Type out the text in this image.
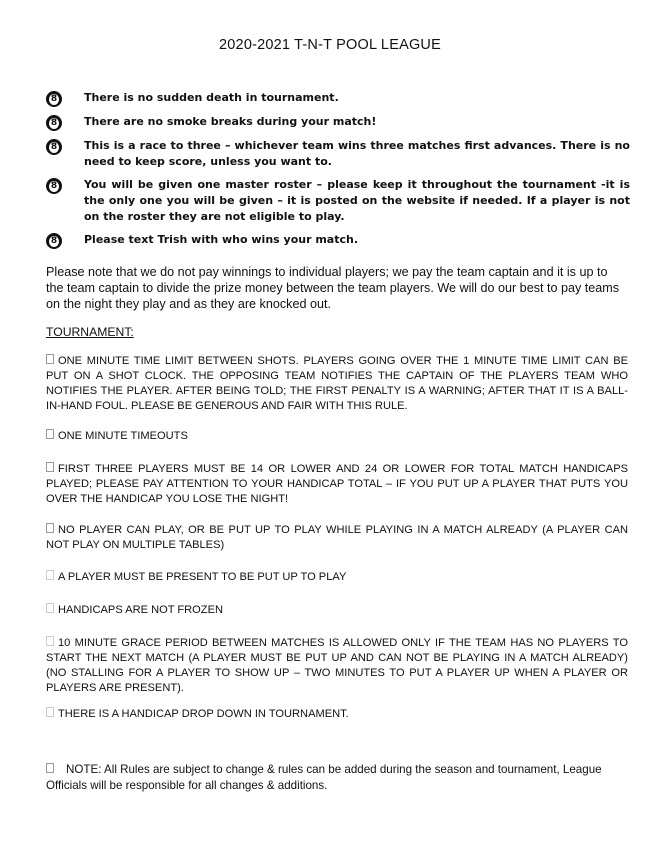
2020-2021 T-N-T POOL LEAGUE
8
There is no sudden death in tournament.
8
There are no smoke breaks during your match!
8
This is a race to three – whichever team wins three matches first advances. There is no need to keep score, unless you want to.
8
You will be given one master roster – please keep it throughout the tournament -it is the only one you will be given – it is posted on the website if needed. If a player is not on the roster they are not eligible to play.
8
Please text Trish with who wins your match.
Please note that we do not pay winnings to individual players; we pay the team captain and it is up to the team captain to divide the prize money between the team players. We will do our best to pay teams on the night they play and as they are knocked out.
TOURNAMENT:
ONE MINUTE TIME LIMIT BETWEEN SHOTS. PLAYERS GOING OVER THE 1 MINUTE TIME LIMIT CAN BE PUT ON A SHOT CLOCK. THE OPPOSING TEAM NOTIFIES THE CAPTAIN OF THE PLAYERS TEAM WHO NOTIFIES THE PLAYER. AFTER BEING TOLD; THE FIRST PENALTY IS A WARNING; AFTER THAT IT IS A BALL-IN-HAND FOUL. PLEASE BE GENEROUS AND FAIR WITH THIS RULE.
ONE MINUTE TIMEOUTS
FIRST THREE PLAYERS MUST BE 14 OR LOWER AND 24 OR LOWER FOR TOTAL MATCH HANDICAPS PLAYED; PLEASE PAY ATTENTION TO YOUR HANDICAP TOTAL – IF YOU PUT UP A PLAYER THAT PUTS YOU OVER THE HANDICAP YOU LOSE THE NIGHT!
NO PLAYER CAN PLAY, OR BE PUT UP TO PLAY WHILE PLAYING IN A MATCH ALREADY (A PLAYER CAN NOT PLAY ON MULTIPLE TABLES)
A PLAYER MUST BE PRESENT TO BE PUT UP TO PLAY
HANDICAPS ARE NOT FROZEN
10 MINUTE GRACE PERIOD BETWEEN MATCHES IS ALLOWED ONLY IF THE TEAM HAS NO PLAYERS TO START THE NEXT MATCH (A PLAYER MUST BE PUT UP AND CAN NOT BE PLAYING IN A MATCH ALREADY) (NO STALLING FOR A PLAYER TO SHOW UP – TWO MINUTES TO PUT A PLAYER UP WHEN A PLAYER OR PLAYERS ARE PRESENT).
THERE IS A HANDICAP DROP DOWN IN TOURNAMENT.
NOTE: All Rules are subject to change & rules can be added during the season and tournament, League Officials will be responsible for all changes & additions.
